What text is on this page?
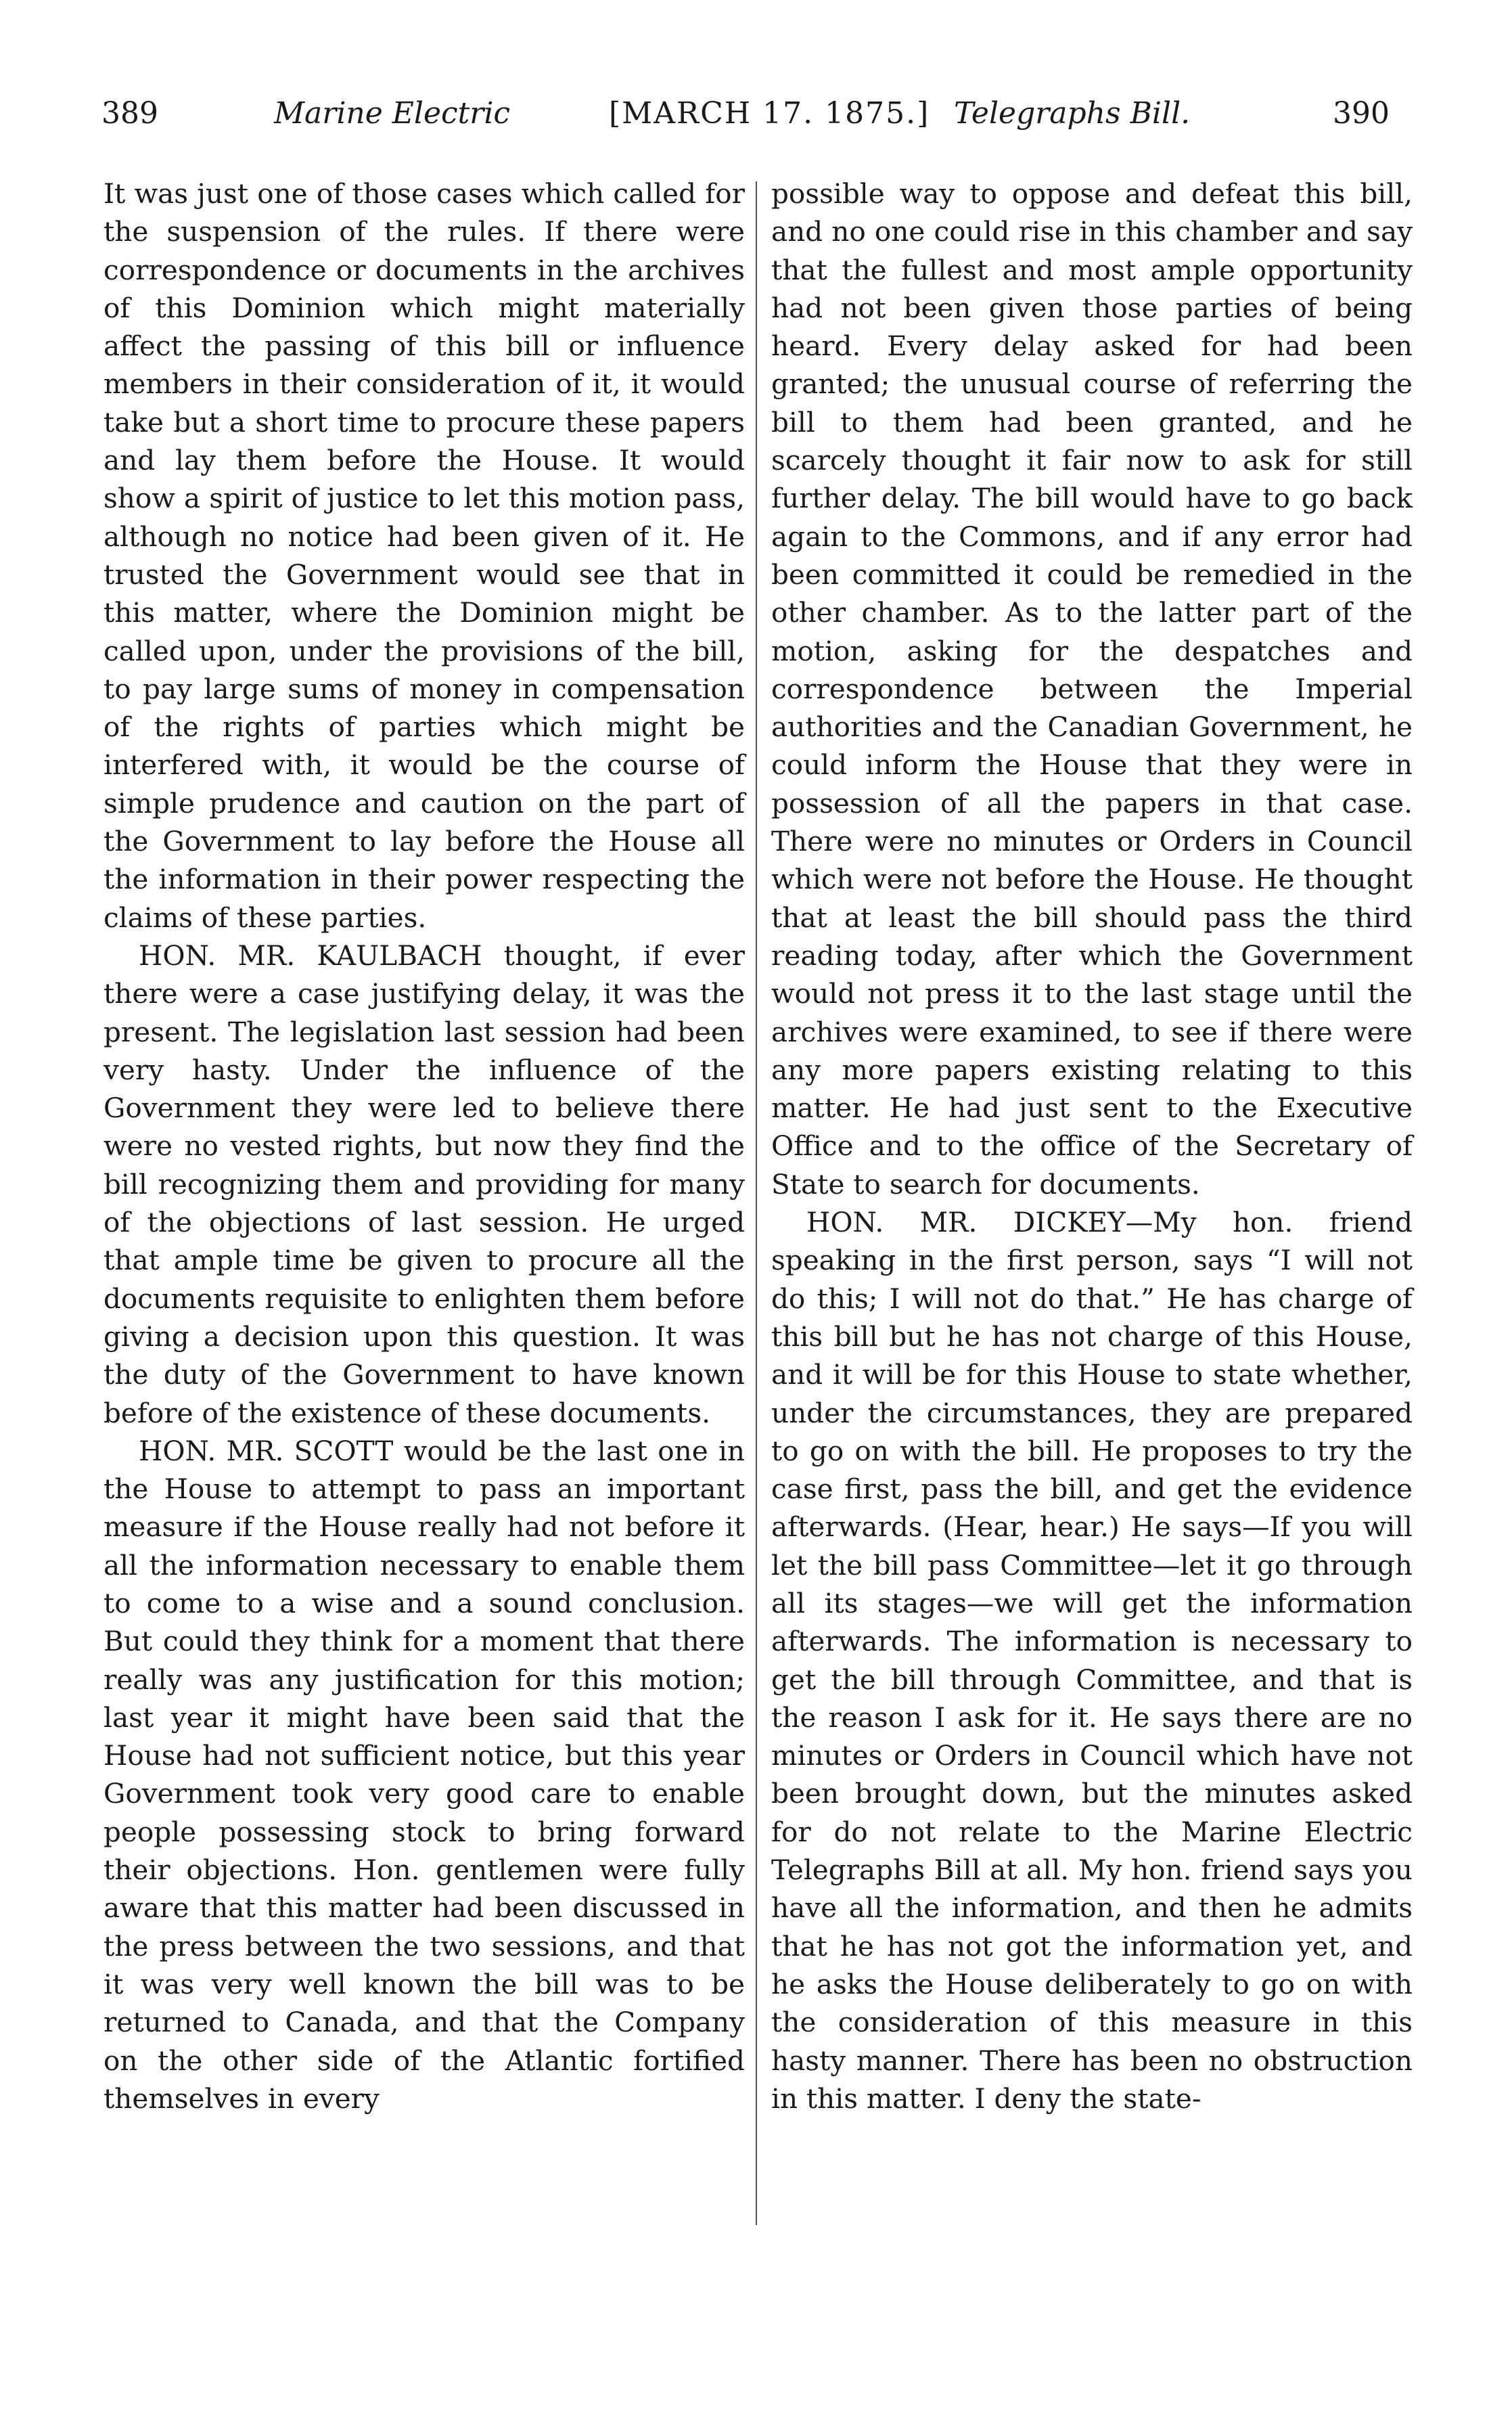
389	Marine Electric	[MARCH 17. 1875.] Telegraphs Bill.	390

It was just one of those cases which called for the suspension of the rules. If there were correspondence or documents in the archives of this Dominion which might materially affect the passing of this bill or influence members in their consideration of it, it would take but a short time to procure these papers and lay them before the House. It would show a spirit of justice to let this motion pass, although no notice had been given of it. He trusted the Government would see that in this matter, where the Dominion might be called upon, under the provisions of the bill, to pay large sums of money in compensation of the rights of parties which might be interfered with, it would be the course of simple prudence and caution on the part of the Government to lay before the House all the information in their power respecting the claims of these parties.

HON. MR. KAULBACH thought, if ever there were a case justifying delay, it was the present. The legislation last session had been very hasty. Under the influence of the Government they were led to believe there were no vested rights, but now they find the bill recognizing them and providing for many of the objections of last session. He urged that ample time be given to procure all the documents requisite to enlighten them before giving a decision upon this question. It was the duty of the Government to have known before of the existence of these documents.

HON. MR. SCOTT would be the last one in the House to attempt to pass an important measure if the House really had not before it all the information necessary to enable them to come to a wise and a sound conclusion. But could they think for a moment that there really was any justification for this motion; last year it might have been said that the House had not sufficient notice, but this year Government took very good care to enable people possessing stock to bring forward their objections. Hon. gentlemen were fully aware that this matter had been discussed in the press between the two sessions, and that it was very well known the bill was to be returned to Canada, and that the Company on the other side of the Atlantic fortified themselves in every

possible way to oppose and defeat this bill, and no one could rise in this chamber and say that the fullest and most ample opportunity had not been given those parties of being heard. Every delay asked for had been granted; the unusual course of referring the bill to them had been granted, and he scarcely thought it fair now to ask for still further delay. The bill would have to go back again to the Commons, and if any error had been committed it could be remedied in the other chamber. As to the latter part of the motion, asking for the despatches and correspondence between the Imperial authorities and the Canadian Government, he could inform the House that they were in possession of all the papers in that case. There were no minutes or Orders in Council which were not before the House. He thought that at least the bill should pass the third reading today, after which the Government would not press it to the last stage until the archives were examined, to see if there were any more papers existing relating to this matter. He had just sent to the Executive Office and to the office of the Secretary of State to search for documents.

HON. MR. DICKEY—My hon. friend speaking in the first person, says “I will not do this; I will not do that.” He has charge of this bill but he has not charge of this House, and it will be for this House to state whether, under the circumstances, they are prepared to go on with the bill. He proposes to try the case first, pass the bill, and get the evidence afterwards. (Hear, hear.) He says—If you will let the bill pass Committee—let it go through all its stages—we will get the information afterwards. The information is necessary to get the bill through Committee, and that is the reason I ask for it. He says there are no minutes or Orders in Council which have not been brought down, but the minutes asked for do not relate to the Marine Electric Telegraphs Bill at all. My hon. friend says you have all the information, and then he admits that he has not got the information yet, and he asks the House deliberately to go on with the consideration of this measure in this hasty manner. There has been no obstruction in this matter. I deny the state-
